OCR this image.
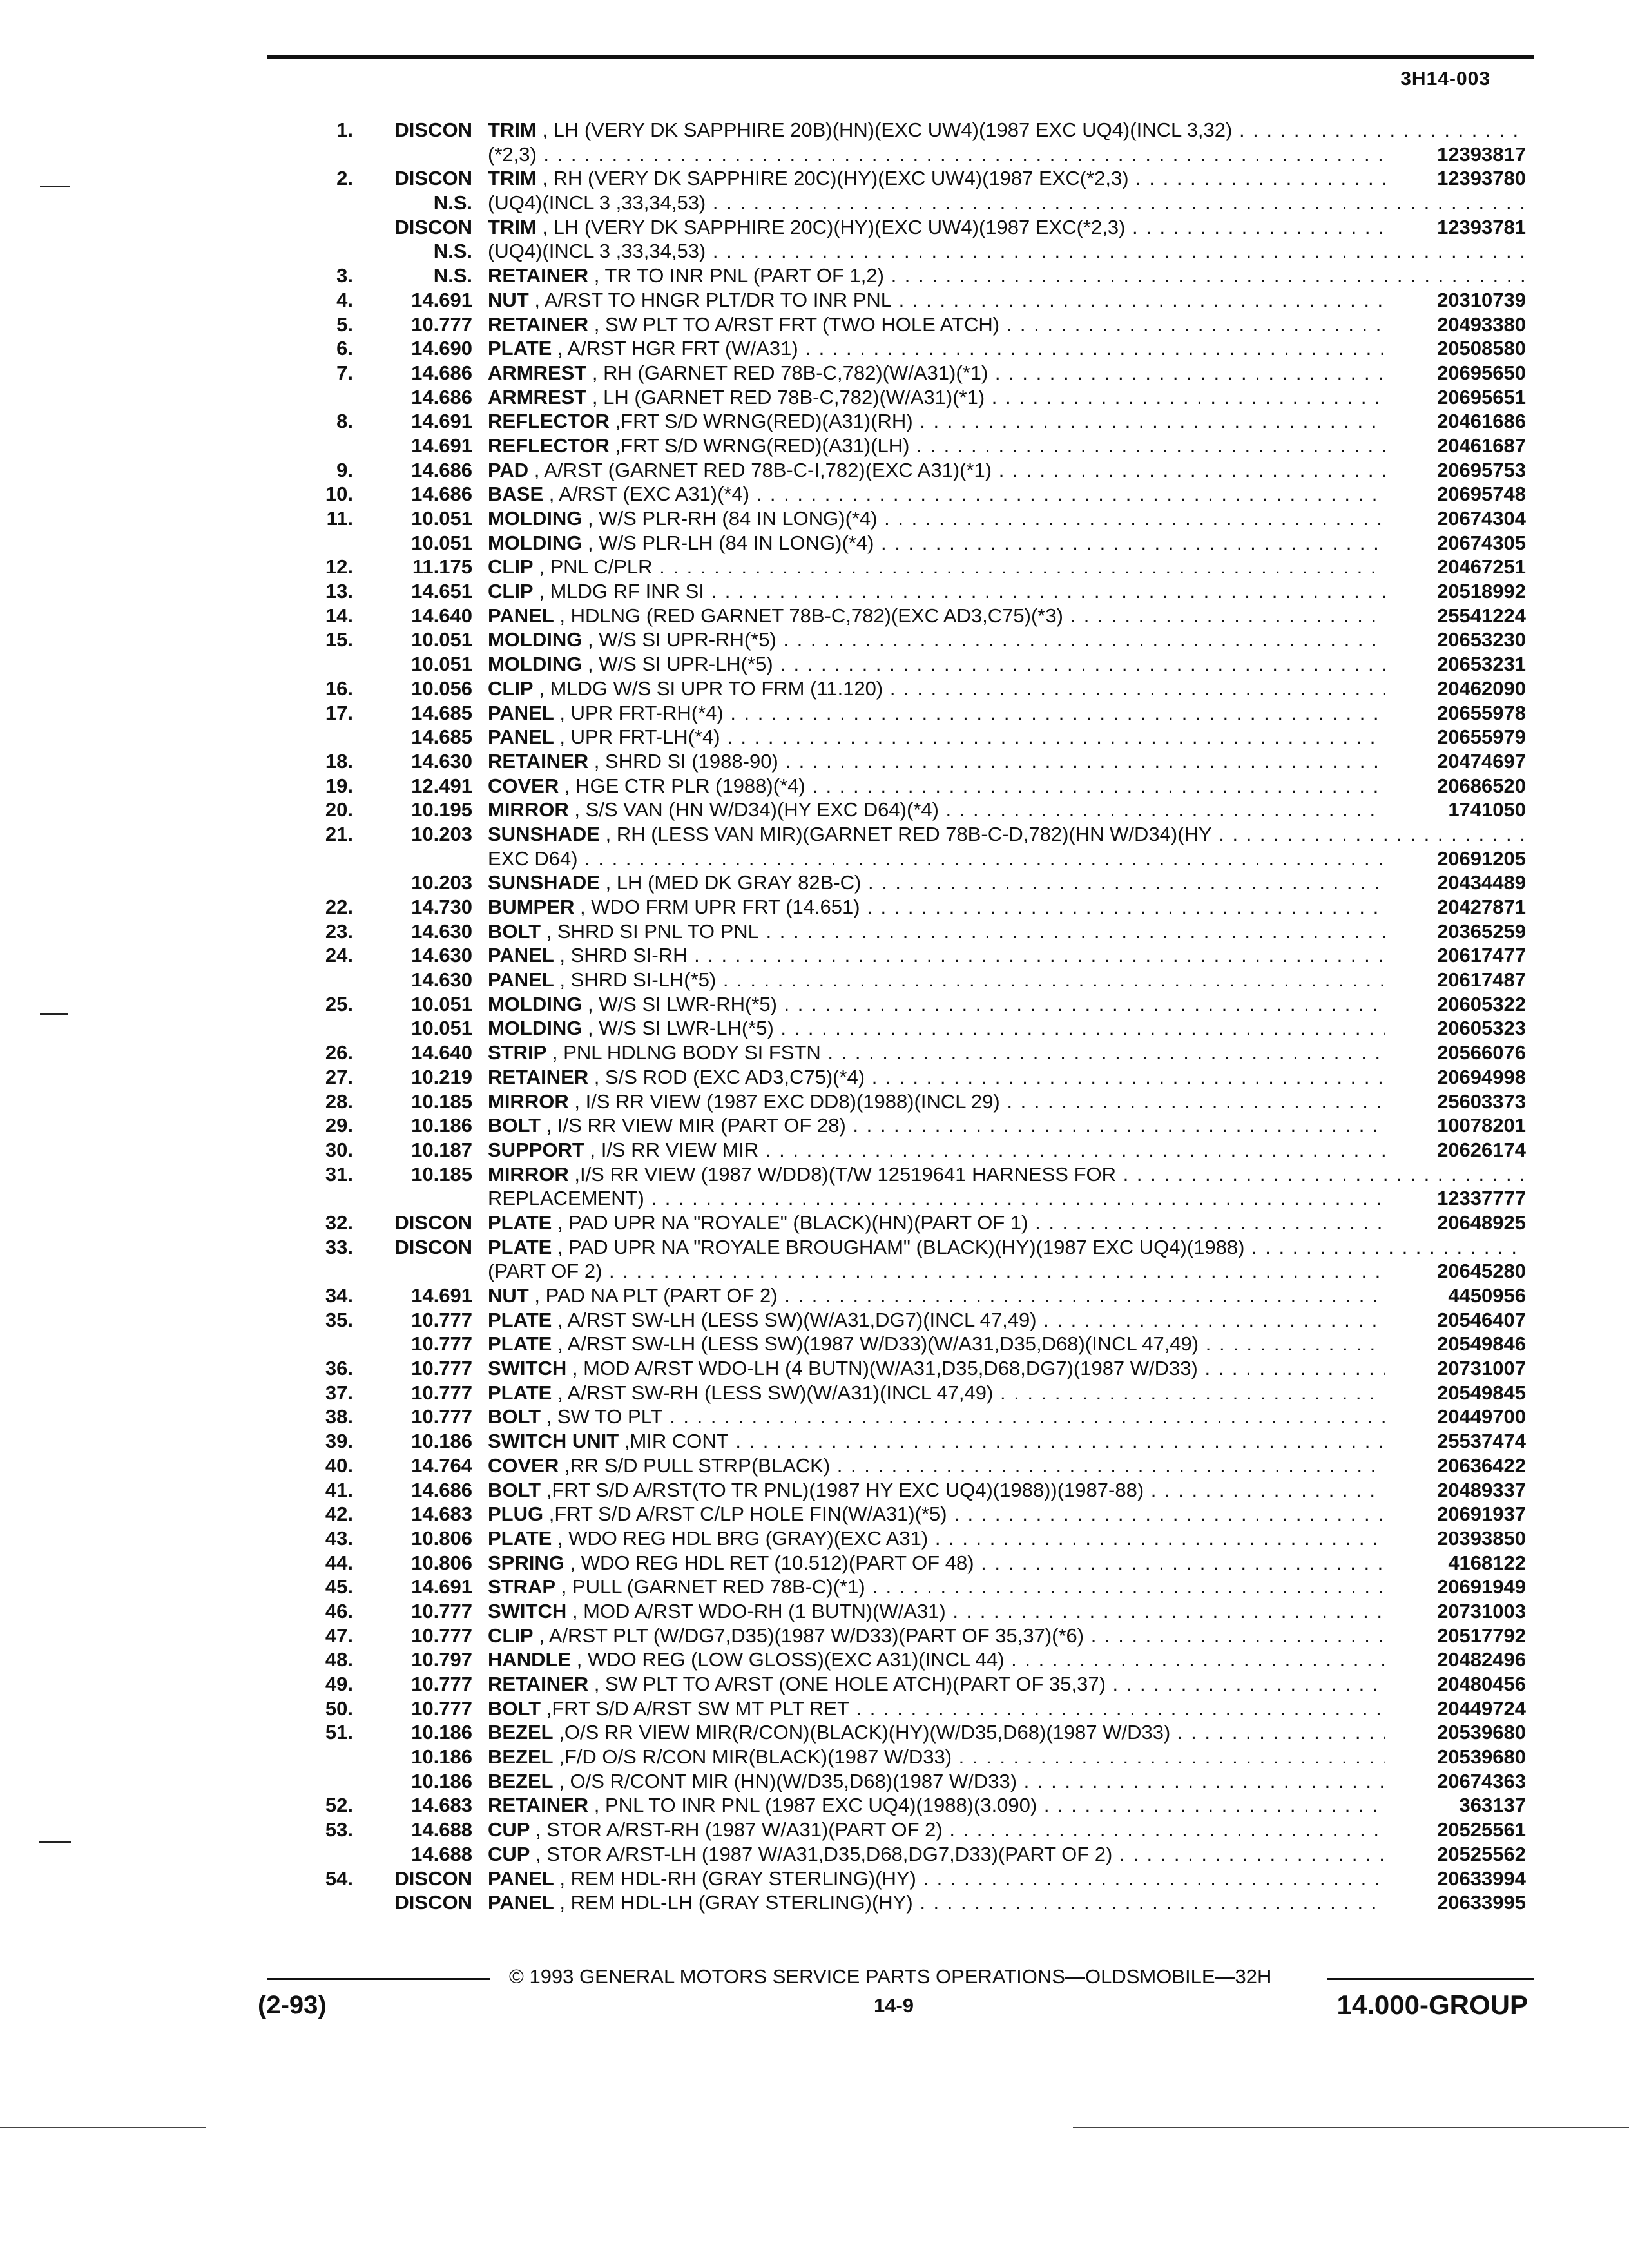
3H14-003
1.	DISCON TRIM , LH (VERY DK SAPPHIRE 20B)(HN)(EXC UW4)(1987 EXC UQ4)(INCL 3,32) . . .
(*2,3) . . .	12393817
2.	DISCON TRIM , RH (VERY DK SAPPHIRE 20C)(HY)(EXC UW4)(1987 EXC(*2,3) . . .	12393780
N.S. (UQ4)(INCL 3 ,33,34,53) . . .
DISCON TRIM , LH (VERY DK SAPPHIRE 20C)(HY)(EXC UW4)(1987 EXC(*2,3) . . .	12393781
N.S. (UQ4)(INCL 3 ,33,34,53) . . .
3.	N.S. RETAINER , TR TO INR PNL (PART OF 1,2) . . .
4.	14.691 NUT , A/RST TO HNGR PLT/DR TO INR PNL . . .	20310739
5.	10.777 RETAINER , SW PLT TO A/RST FRT (TWO HOLE ATCH) . . .	20493380
6.	14.690 PLATE , A/RST HGR FRT (W/A31) . . .	20508580
7.	14.686 ARMREST , RH (GARNET RED 78B-C,782)(W/A31)(*1) . . .	20695650
14.686 ARMREST , LH (GARNET RED 78B-C,782)(W/A31)(*1) . . .	20695651
8.	14.691 REFLECTOR ,FRT S/D WRNG(RED)(A31)(RH) . . .	20461686
14.691 REFLECTOR ,FRT S/D WRNG(RED)(A31)(LH) . . .	20461687
9.	14.686 PAD , A/RST (GARNET RED 78B-C-I,782)(EXC A31)(*1) . . .	20695753
10.	14.686 BASE , A/RST (EXC A31)(*4) . . .	20695748
11.	10.051 MOLDING , W/S PLR-RH (84 IN LONG)(*4) . . .	20674304
10.051 MOLDING , W/S PLR-LH (84 IN LONG)(*4) . . .	20674305
12.	11.175 CLIP , PNL C/PLR . . .	20467251
13.	14.651 CLIP , MLDG RF INR SI . . .	20518992
14.	14.640 PANEL , HDLNG (RED GARNET 78B-C,782)(EXC AD3,C75)(*3) . . .	25541224
15.	10.051 MOLDING , W/S SI UPR-RH(*5) . . .	20653230
10.051 MOLDING , W/S SI UPR-LH(*5) . . .	20653231
16.	10.056 CLIP , MLDG W/S SI UPR TO FRM (11.120) . . .	20462090
17.	14.685 PANEL , UPR FRT-RH(*4) . . .	20655978
14.685 PANEL , UPR FRT-LH(*4) . . .	20655979
18.	14.630 RETAINER , SHRD SI (1988-90) . . .	20474697
19.	12.491 COVER , HGE CTR PLR (1988)(*4) . . .	20686520
20.	10.195 MIRROR , S/S VAN (HN W/D34)(HY EXC D64)(*4) . . .	1741050
21.	10.203 SUNSHADE , RH (LESS VAN MIR)(GARNET RED 78B-C-D,782)(HN W/D34)(HY . . .
EXC D64) . . .	20691205
10.203 SUNSHADE , LH (MED DK GRAY 82B-C) . . .	20434489
22.	14.730 BUMPER , WDO FRM UPR FRT (14.651) . . .	20427871
23.	14.630 BOLT , SHRD SI PNL TO PNL . . .	20365259
24.	14.630 PANEL , SHRD SI-RH . . .	20617477
14.630 PANEL , SHRD SI-LH(*5) . . .	20617487
25.	10.051 MOLDING , W/S SI LWR-RH(*5) . . .	20605322
10.051 MOLDING , W/S SI LWR-LH(*5) . . .	20605323
26.	14.640 STRIP , PNL HDLNG BODY SI FSTN . . .	20566076
27.	10.219 RETAINER , S/S ROD (EXC AD3,C75)(*4) . . .	20694998
28.	10.185 MIRROR , I/S RR VIEW (1987 EXC DD8)(1988)(INCL 29) . . .	25603373
29.	10.186 BOLT , I/S RR VIEW MIR (PART OF 28) . . .	10078201
30.	10.187 SUPPORT , I/S RR VIEW MIR . . .	20626174
31.	10.185 MIRROR ,I/S RR VIEW (1987 W/DD8)(T/W 12519641 HARNESS FOR . . .
REPLACEMENT) . . .	12337777
32.	DISCON PLATE , PAD UPR NA "ROYALE" (BLACK)(HN)(PART OF 1) . . .	20648925
33.	DISCON PLATE , PAD UPR NA "ROYALE BROUGHAM" (BLACK)(HY)(1987 EXC UQ4)(1988) . . .
(PART OF 2) . . .	20645280
34.	14.691 NUT , PAD NA PLT (PART OF 2) . . .	4450956
35.	10.777 PLATE , A/RST SW-LH (LESS SW)(W/A31,DG7)(INCL 47,49) . . .	20546407
10.777 PLATE , A/RST SW-LH (LESS SW)(1987 W/D33)(W/A31,D35,D68)(INCL 47,49) . . .	20549846
36.	10.777 SWITCH , MOD A/RST WDO-LH (4 BUTN)(W/A31,D35,D68,DG7)(1987 W/D33) . . .	20731007
37.	10.777 PLATE , A/RST SW-RH (LESS SW)(W/A31)(INCL 47,49) . . .	20549845
38.	10.777 BOLT , SW TO PLT . . .	20449700
39.	10.186 SWITCH UNIT ,MIR CONT . . .	25537474
40.	14.764 COVER ,RR S/D PULL STRP(BLACK) . . .	20636422
41.	14.686 BOLT ,FRT S/D A/RST(TO TR PNL)(1987 HY EXC UQ4)(1988))(1987-88) . . .	20489337
42.	14.683 PLUG ,FRT S/D A/RST C/LP HOLE FIN(W/A31)(*5) . . .	20691937
43.	10.806 PLATE , WDO REG HDL BRG (GRAY)(EXC A31) . . .	20393850
44.	10.806 SPRING , WDO REG HDL RET (10.512)(PART OF 48) . . .	4168122
45.	14.691 STRAP , PULL (GARNET RED 78B-C)(*1) . . .	20691949
46.	10.777 SWITCH , MOD A/RST WDO-RH (1 BUTN)(W/A31) . . .	20731003
47.	10.777 CLIP , A/RST PLT (W/DG7,D35)(1987 W/D33)(PART OF 35,37)(*6) . . .	20517792
48.	10.797 HANDLE , WDO REG (LOW GLOSS)(EXC A31)(INCL 44) . . .	20482496
49.	10.777 RETAINER , SW PLT TO A/RST (ONE HOLE ATCH)(PART OF 35,37) . . .	20480456
50.	10.777 BOLT ,FRT S/D A/RST SW MT PLT RET . . .	20449724
51.	10.186 BEZEL ,O/S RR VIEW MIR(R/CON)(BLACK)(HY)(W/D35,D68)(1987 W/D33) . . .	20539680
10.186 BEZEL ,F/D O/S R/CON MIR(BLACK)(1987 W/D33) . . .	20539680
10.186 BEZEL , O/S R/CONT MIR (HN)(W/D35,D68)(1987 W/D33) . . .	20674363
52.	14.683 RETAINER , PNL TO INR PNL (1987 EXC UQ4)(1988)(3.090) . . .	363137
53.	14.688 CUP , STOR A/RST-RH (1987 W/A31)(PART OF 2) . . .	20525561
14.688 CUP , STOR A/RST-LH (1987 W/A31,D35,D68,DG7,D33)(PART OF 2) . . .	20525562
54.	DISCON PANEL , REM HDL-RH (GRAY STERLING)(HY) . . .	20633994
DISCON PANEL , REM HDL-LH (GRAY STERLING)(HY) . . .	20633995
© 1993 GENERAL MOTORS SERVICE PARTS OPERATIONS—OLDSMOBILE—32H
(2-93)	14-9	14.000-GROUP
